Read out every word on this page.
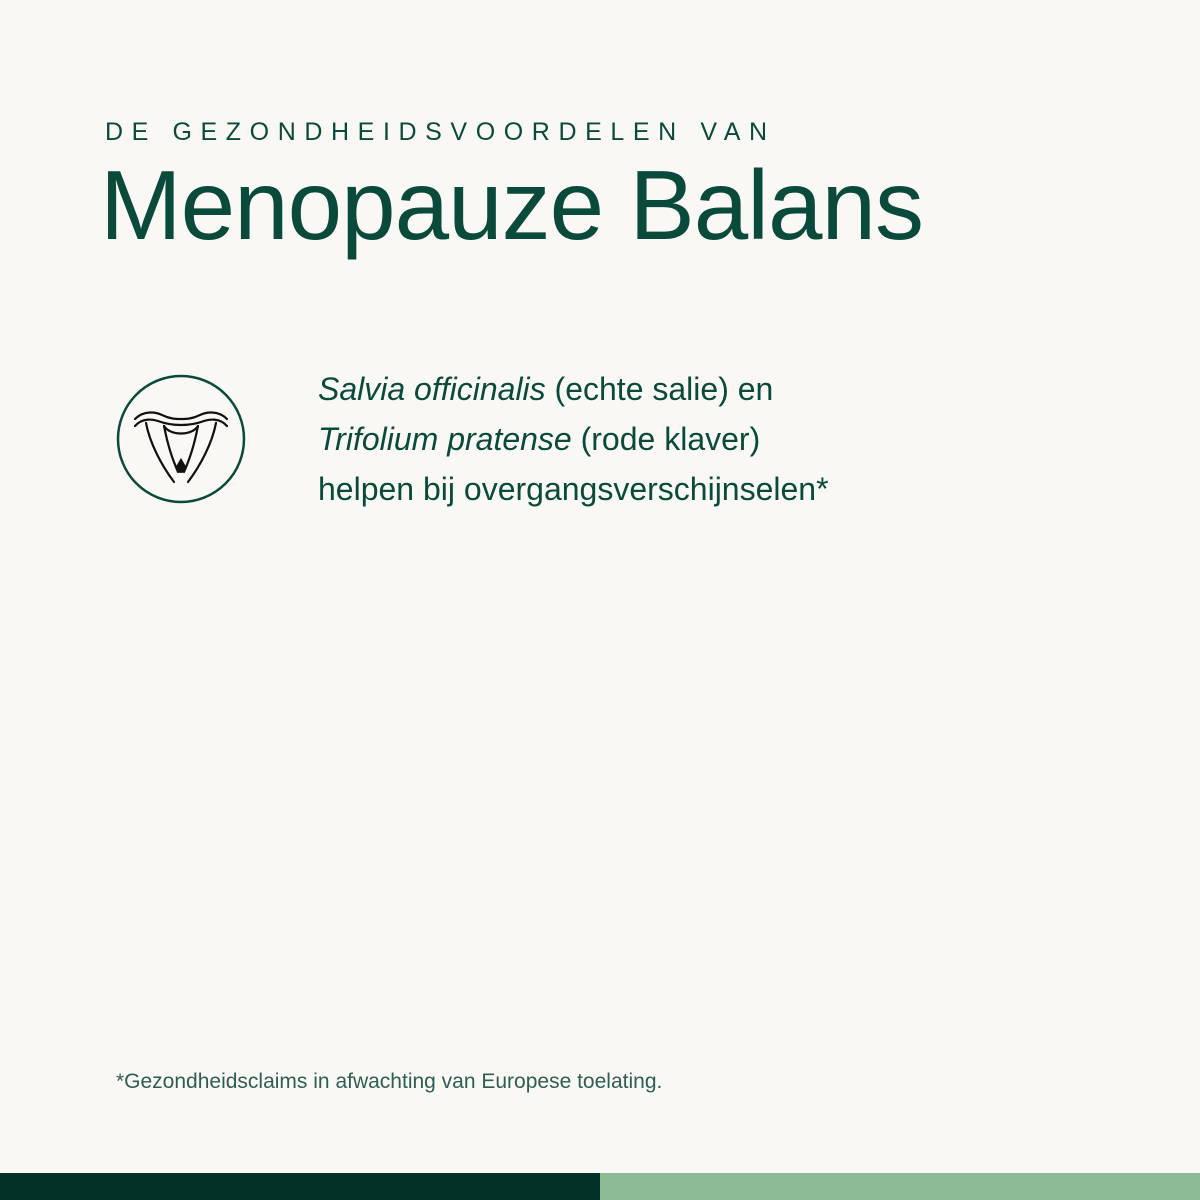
DE GEZONDHEIDSVOORDELEN VAN
Menopauze Balans
Salvia officinalis (echte salie) en
Trifolium pratense (rode klaver)
helpen bij overgangsverschijnselen*
*Gezondheidsclaims in afwachting van Europese toelating.
